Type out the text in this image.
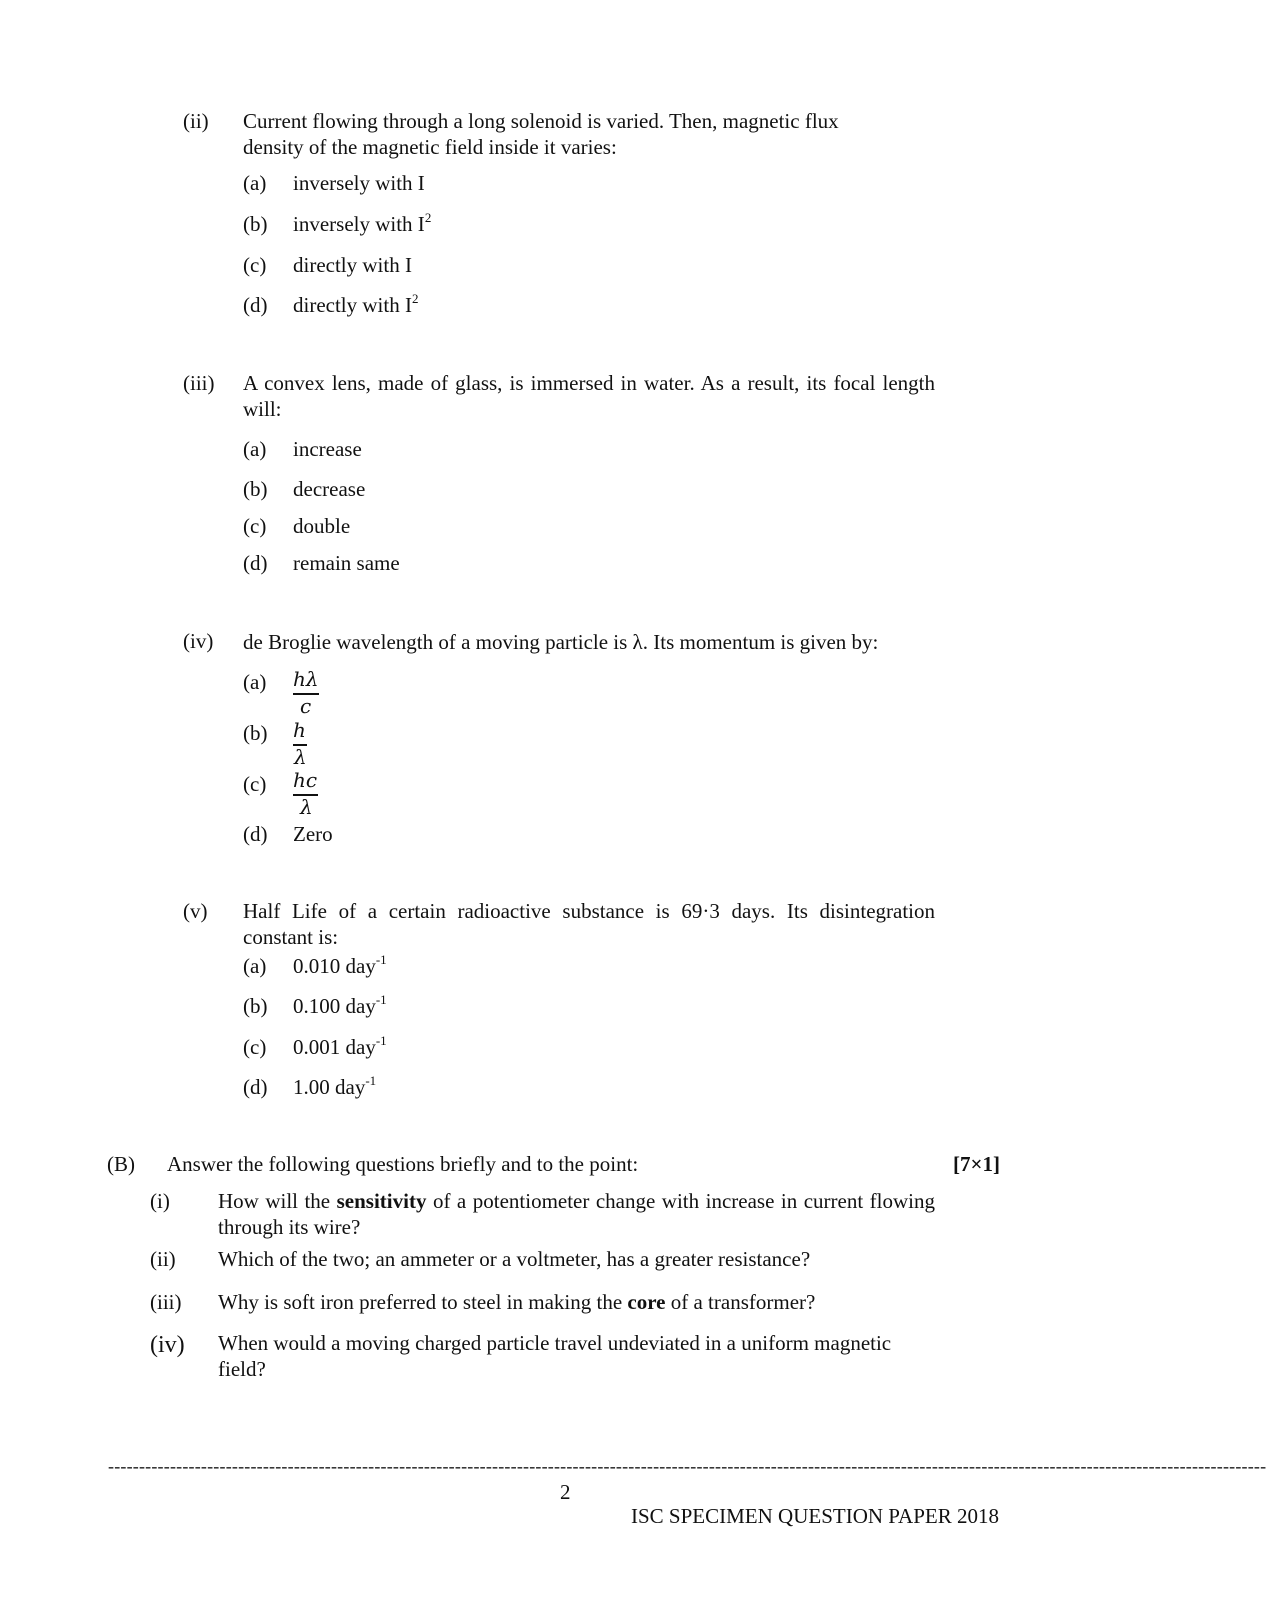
(ii) Current flowing through a long solenoid is varied. Then, magnetic flux density of the magnetic field inside it varies:
(a) inversely with I
(b) inversely with $I^2$
(c) directly with I
(d) directly with $I^2$
(iii) A convex lens, made of glass, is immersed in water. As a result, its focal length will:
(a) increase
(b) decrease
(c) double
(d) remain same
(iv) de Broglie wavelength of a moving particle is λ. Its momentum is given by:
(a) hλ
c
(b) h
λ
(c) hc
λ
(d) Zero
(v) Half Life of a certain radioactive substance is 69·3 days. Its disintegration constant is:
(a) 0.010 day$^{-1}$
(b) 0.100 day$^{-1}$
(c) 0.001 day$^{-1}$
(d) 1.00 day$^{-1}$
(B) Answer the following questions briefly and to the point:	[7×1]
(i) How will the sensitivity of a potentiometer change with increase in current flowing through its wire?
(ii) Which of the two; an ammeter or a voltmeter, has a greater resistance?
(iii) Why is soft iron preferred to steel in making the core of a transformer?
(iv) When would a moving charged particle travel undeviated in a uniform magnetic field?
-------------------------------------------------------------------------------------------------------------------------------------------------------------------------------------------
2
ISC SPECIMEN QUESTION PAPER 2018
